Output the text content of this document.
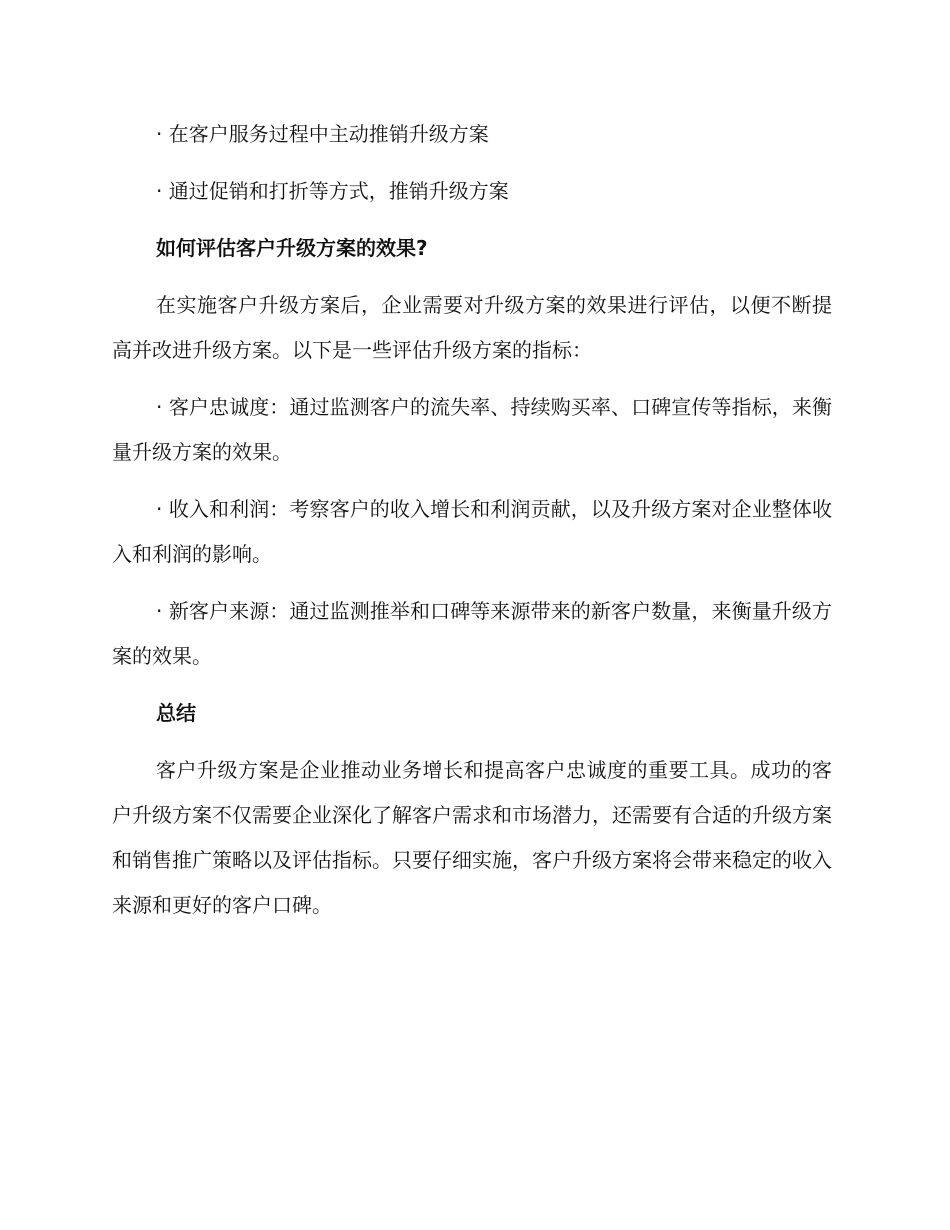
· 在客户服务过程中主动推销升级方案

· 通过促销和打折等方式，推销升级方案

如何评估客户升级方案的效果?

在实施客户升级方案后，企业需要对升级方案的效果进行评估，以便不断提高并改进升级方案。以下是一些评估升级方案的指标：

· 客户忠诚度：通过监测客户的流失率、持续购买率、口碑宣传等指标，来衡量升级方案的效果。

· 收入和利润：考察客户的收入增长和利润贡献，以及升级方案对企业整体收入和利润的影响。

· 新客户来源：通过监测推举和口碑等来源带来的新客户数量，来衡量升级方案的效果。

总结

客户升级方案是企业推动业务增长和提高客户忠诚度的重要工具。成功的客户升级方案不仅需要企业深化了解客户需求和市场潜力，还需要有合适的升级方案和销售推广策略以及评估指标。只要仔细实施，客户升级方案将会带来稳定的收入来源和更好的客户口碑。
